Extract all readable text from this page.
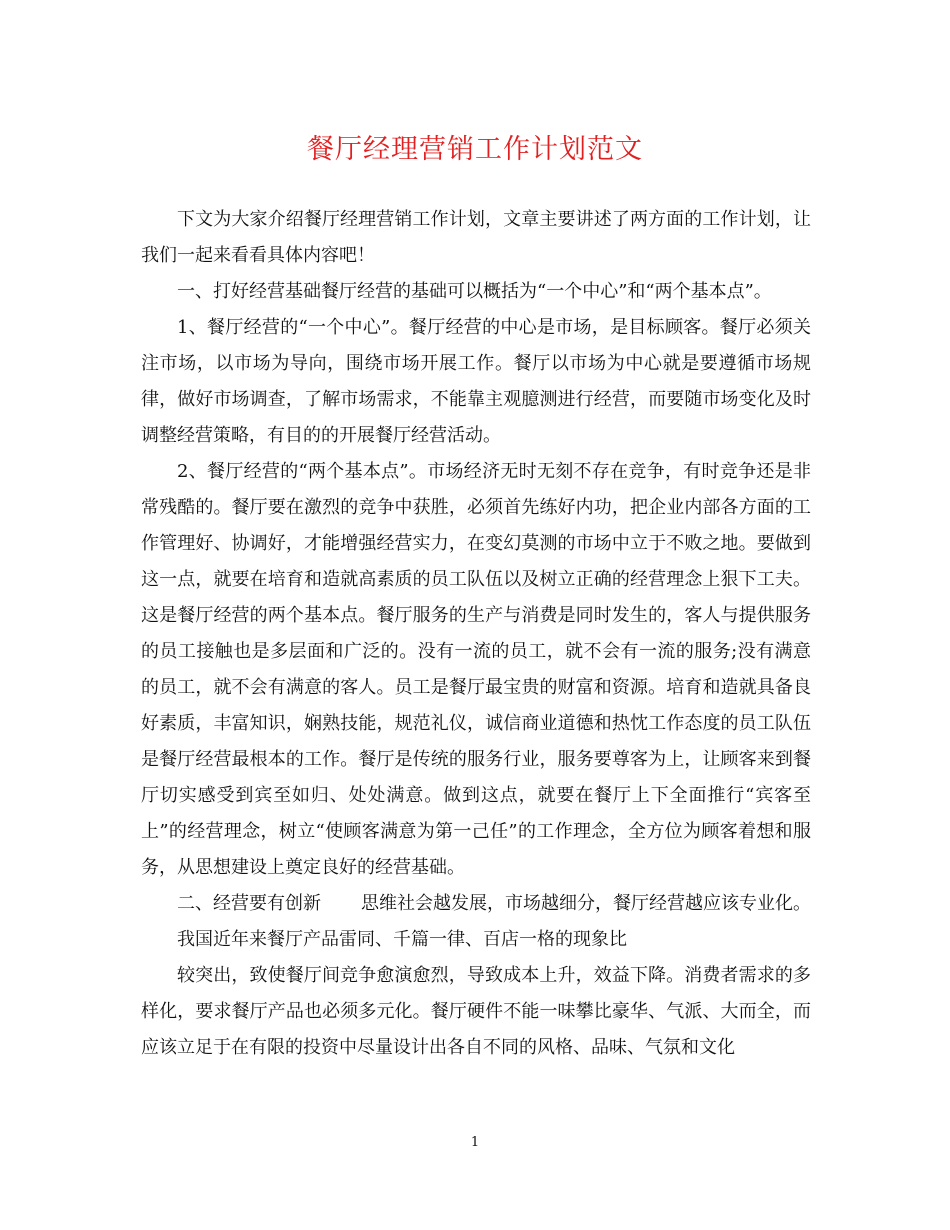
餐厅经理营销工作计划范文

下文为大家介绍餐厅经理营销工作计划，文章主要讲述了两方面的工作计划，让我们一起来看看具体内容吧！

一、打好经营基础餐厅经营的基础可以概括为“一个中心”和“两个基本点”。

1、餐厅经营的“一个中心”。餐厅经营的中心是市场，是目标顾客。餐厅必须关注市场，以市场为导向，围绕市场开展工作。餐厅以市场为中心就是要遵循市场规律，做好市场调查，了解市场需求，不能靠主观臆测进行经营，而要随市场变化及时调整经营策略，有目的的开展餐厅经营活动。

2、餐厅经营的“两个基本点”。市场经济无时无刻不存在竞争，有时竞争还是非常残酷的。餐厅要在激烈的竞争中获胜，必须首先练好内功，把企业内部各方面的工作管理好、协调好，才能增强经营实力，在变幻莫测的市场中立于不败之地。要做到这一点，就要在培育和造就高素质的员工队伍以及树立正确的经营理念上狠下工夫。这是餐厅经营的两个基本点。餐厅服务的生产与消费是同时发生的，客人与提供服务的员工接触也是多层面和广泛的。没有一流的员工，就不会有一流的服务;没有满意的员工，就不会有满意的客人。员工是餐厅最宝贵的财富和资源。培育和造就具备良好素质，丰富知识，娴熟技能，规范礼仪，诚信商业道德和热忱工作态度的员工队伍是餐厅经营最根本的工作。餐厅是传统的服务行业，服务要尊客为上，让顾客来到餐厅切实感受到宾至如归、处处满意。做到这点，就要在餐厅上下全面推行“宾客至上”的经营理念，树立“使顾客满意为第一己任”的工作理念，全方位为顾客着想和服务，从思想建设上奠定良好的经营基础。

二、经营要有创新 思维社会越发展，市场越细分，餐厅经营越应该专业化。

我国近年来餐厅产品雷同、千篇一律、百店一格的现象比

较突出，致使餐厅间竞争愈演愈烈，导致成本上升，效益下降。消费者需求的多样化，要求餐厅产品也必须多元化。餐厅硬件不能一味攀比豪华、气派、大而全，而应该立足于在有限的投资中尽量设计出各自不同的风格、品味、气氛和文化

1
